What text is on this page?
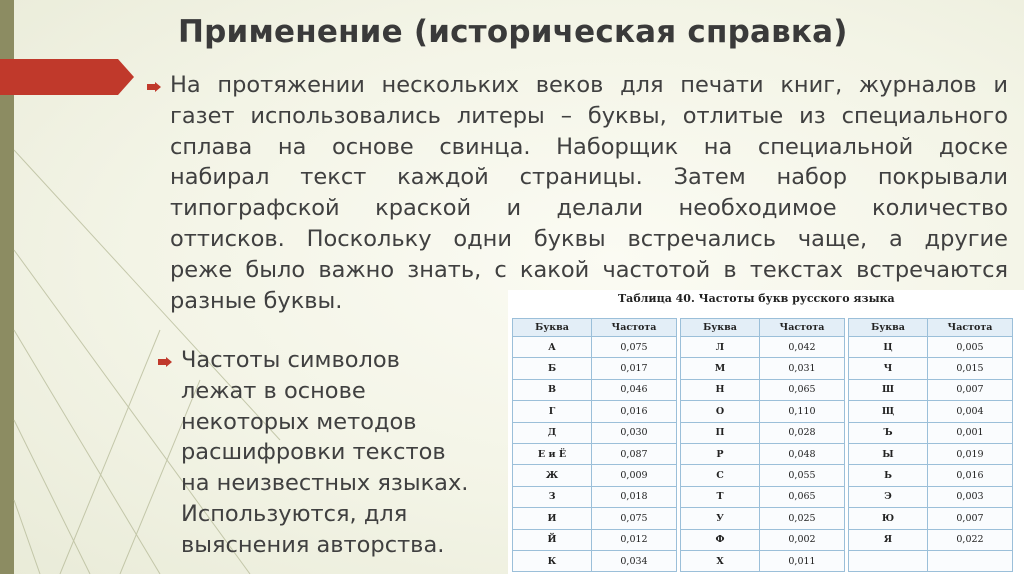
Применение (историческая справка)
На протяжении нескольких веков для печати книг, журналов и
газет использовались литеры – буквы, отлитые из специального
сплава на основе свинца. Наборщик на специальной доске
набирал текст каждой страницы. Затем набор покрывали
типографской краской и делали необходимое количество
оттисков. Поскольку одни буквы встречались чаще, а другие
реже было важно знать, с какой частотой в текстах встречаются
разные буквы.
Частоты символов
лежат в основе
некоторых методов
расшифровки текстов
на неизвестных языках.
Используются, для
выяснения авторства.
Таблица 40. Частоты букв русского языка
Буква	Частота		Буква	Частота		Буква	Частота
А	0,075		Л	0,042		Ц	0,005
Б	0,017		М	0,031		Ч	0,015
В	0,046		Н	0,065		Ш	0,007
Г	0,016		О	0,110		Щ	0,004
Д	0,030		П	0,028		Ъ	0,001
Е и Ё	0,087		Р	0,048		Ы	0,019
Ж	0,009		С	0,055		Ь	0,016
З	0,018		Т	0,065		Э	0,003
И	0,075		У	0,025		Ю	0,007
Й	0,012		Ф	0,002		Я	0,022
К	0,034		Х	0,011			
